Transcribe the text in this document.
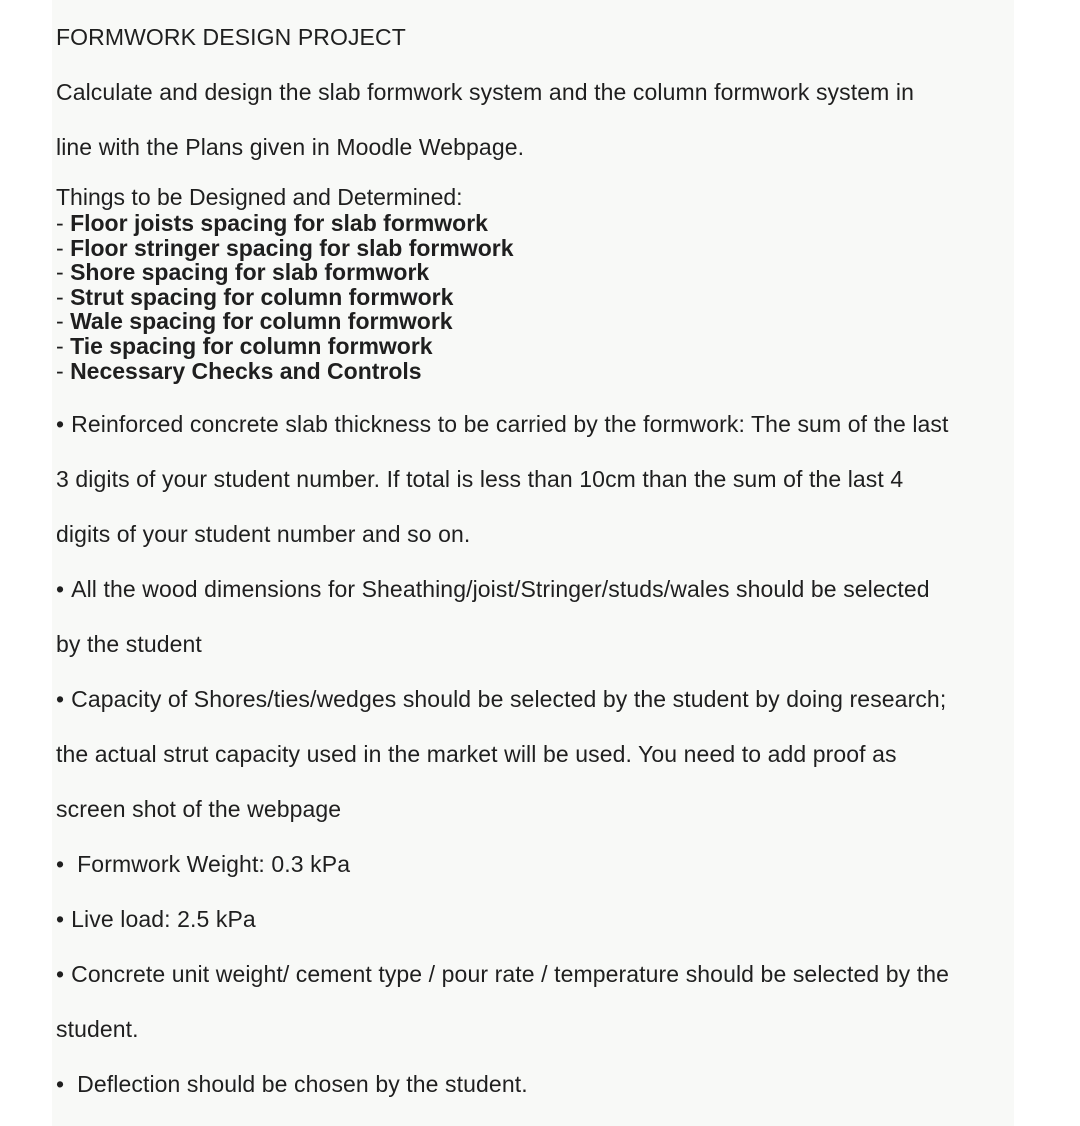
FORMWORK DESIGN PROJECT
Calculate and design the slab formwork system and the column formwork system in
line with the Plans given in Moodle Webpage.
Things to be Designed and Determined:
- Floor joists spacing for slab formwork
- Floor stringer spacing for slab formwork
- Shore spacing for slab formwork
- Strut spacing for column formwork
- Wale spacing for column formwork
- Tie spacing for column formwork
- Necessary Checks and Controls
• Reinforced concrete slab thickness to be carried by the formwork: The sum of the last
3 digits of your student number. If total is less than 10cm than the sum of the last 4
digits of your student number and so on.
• All the wood dimensions for Sheathing/joist/Stringer/studs/wales should be selected
by the student
• Capacity of Shores/ties/wedges should be selected by the student by doing research;
the actual strut capacity used in the market will be used. You need to add proof as
screen shot of the webpage
• Formwork Weight: 0.3 kPa
• Live load: 2.5 kPa
• Concrete unit weight/ cement type / pour rate / temperature should be selected by the
student.
• Deflection should be chosen by the student.
